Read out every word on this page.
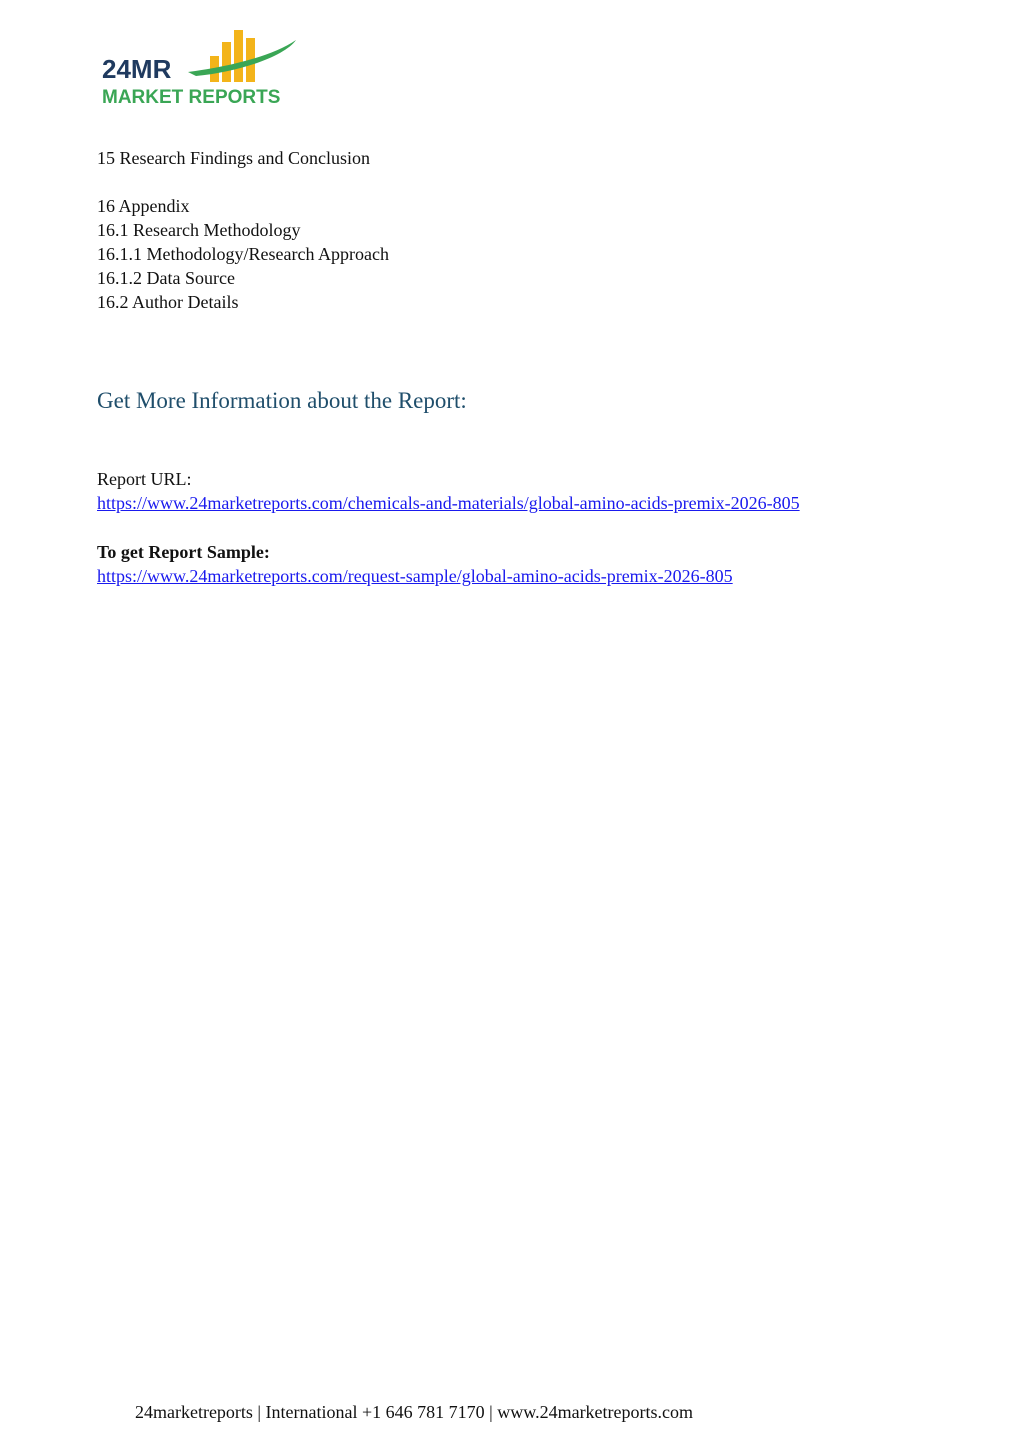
24MR
MARKET REPORTS
15 Research Findings and Conclusion
16 Appendix
16.1 Research Methodology
16.1.1 Methodology/Research Approach
16.1.2 Data Source
16.2 Author Details
Get More Information about the Report:
Report URL:
https://www.24marketreports.com/chemicals-and-materials/global-amino-acids-premix-2026-805
To get Report Sample:
https://www.24marketreports.com/request-sample/global-amino-acids-premix-2026-805
24marketreports | International +1 646 781 7170 | www.24marketreports.com
